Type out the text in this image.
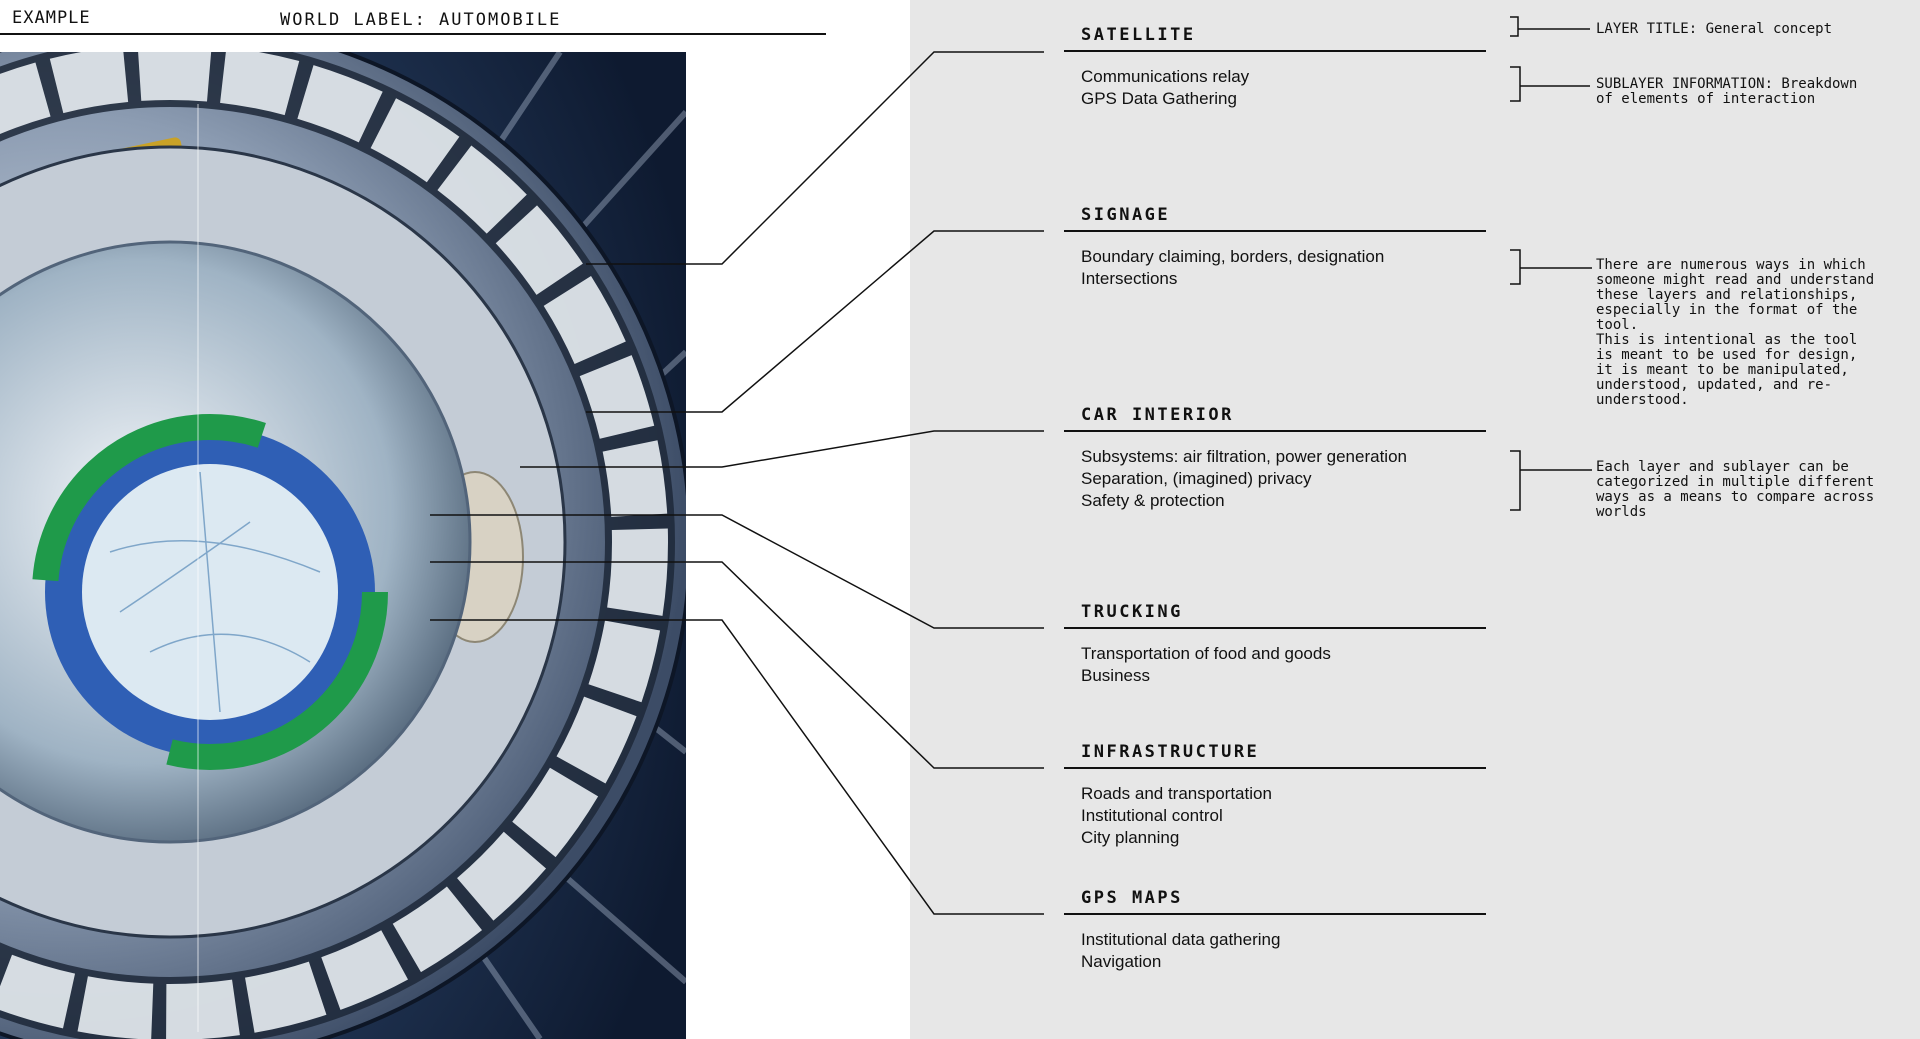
EXAMPLE	WORLD LABEL: AUTOMOBILE
SATELLITE
Communications relay
GPS Data Gathering
SIGNAGE
Boundary claiming, borders, designation
Intersections
CAR INTERIOR
Subsystems: air filtration, power generation
Separation, (imagined) privacy
Safety & protection
TRUCKING
Transportation of food and goods
Business
INFRASTRUCTURE
Roads and transportation
Institutional control
City planning
GPS MAPS
Institutional data gathering
Navigation
LAYER TITLE: General concept
SUBLAYER INFORMATION: Breakdown
of elements of interaction
There are numerous ways in which
someone might read and understand
these layers and relationships,
especially in the format of the
tool.
This is intentional as the tool
is meant to be used for design,
it is meant to be manipulated,
understood, updated, and re-
understood.
Each layer and sublayer can be
categorized in multiple different
ways as a means to compare across
worlds
